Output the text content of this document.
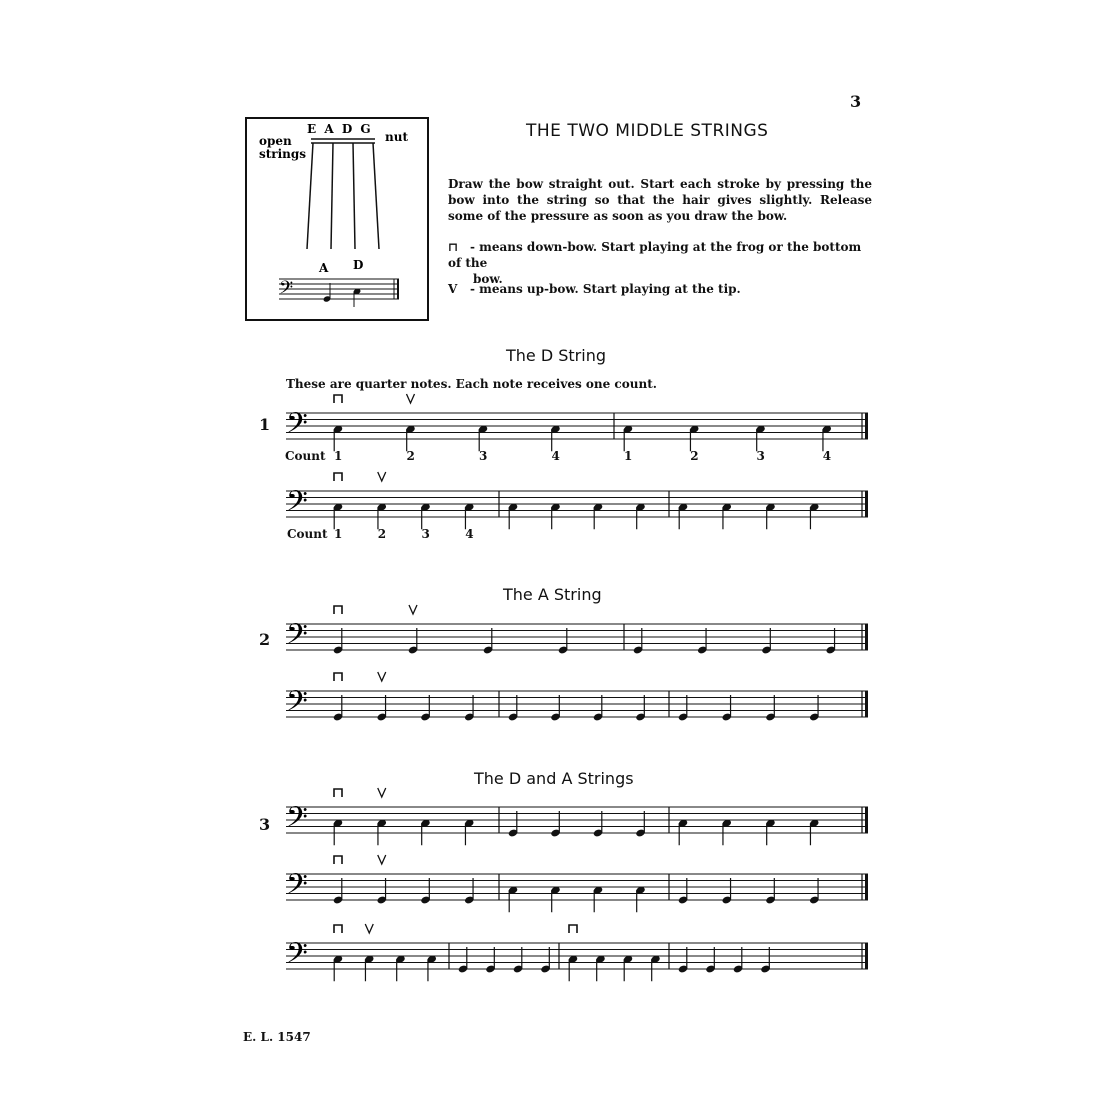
3
E A D G
open
strings
nut
A D
𝄢
THE TWO MIDDLE STRINGS
Draw the bow straight out. Start each stroke by pressing the bow into the string so that the hair gives slightly. Release some of the pressure as soon as you draw the bow.
⊓ - means down-bow. Start playing at the frog or the bottom of the
bow.
V - means up-bow. Start playing at the tip.
The D String
These are quarter notes. Each note receives one count.
The A String
The D and A Strings
1
2
3
Count
Count
1	2	3	4	1	2	3	4
1	2	3	4
𝄢
𝄢
𝄢
𝄢
𝄢
𝄢
𝄢
E. L. 1547
